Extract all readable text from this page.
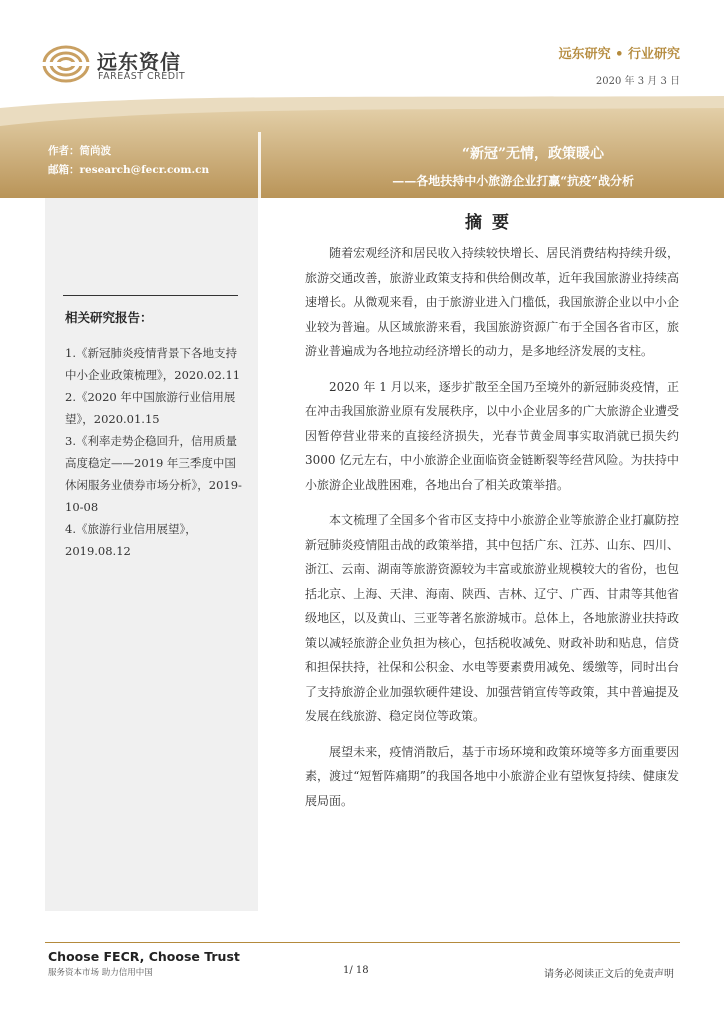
远东资信
FAREAST CREDIT
远东研究 • 行业研究
2020 年 3 月 3 日
作者：简尚波
邮箱：research@fecr.com.cn
“新冠”无情，政策暖心
——各地扶持中小旅游企业打赢“抗疫”战分析
相关研究报告：
1.《新冠肺炎疫情背景下各地支持中小企业政策梳理》，2020.02.11
2.《2020 年中国旅游行业信用展望》，2020.01.15
3.《利率走势企稳回升，信用质量高度稳定——2019 年三季度中国休闲服务业债券市场分析》，2019-10-08
4.《旅游行业信用展望》，2019.08.12
摘要

随着宏观经济和居民收入持续较快增长、居民消费结构持续升级，旅游交通改善，旅游业政策支持和供给侧改革，近年我国旅游业持续高速增长。从微观来看，由于旅游业进入门槛低，我国旅游企业以中小企业较为普遍。从区域旅游来看，我国旅游资源广布于全国各省市区，旅游业普遍成为各地拉动经济增长的动力，是多地经济发展的支柱。

2020 年 1 月以来，逐步扩散至全国乃至境外的新冠肺炎疫情，正在冲击我国旅游业原有发展秩序，以中小企业居多的广大旅游企业遭受因暂停营业带来的直接经济损失，光春节黄金周事实取消就已损失约 3000 亿元左右，中小旅游企业面临资金链断裂等经营风险。为扶持中小旅游企业战胜困难，各地出台了相关政策举措。

本文梳理了全国多个省市区支持中小旅游企业等旅游企业打赢防控新冠肺炎疫情阻击战的政策举措，其中包括广东、江苏、山东、四川、浙江、云南、湖南等旅游资源较为丰富或旅游业规模较大的省份，也包括北京、上海、天津、海南、陕西、吉林、辽宁、广西、甘肃等其他省级地区，以及黄山、三亚等著名旅游城市。总体上，各地旅游业扶持政策以减轻旅游企业负担为核心，包括税收减免、财政补助和贴息，信贷和担保扶持，社保和公积金、水电等要素费用减免、缓缴等，同时出台了支持旅游企业加强软硬件建设、加强营销宣传等政策，其中普遍提及发展在线旅游、稳定岗位等政策。

展望未来，疫情消散后，基于市场环境和政策环境等多方面重要因素，渡过“短暂阵痛期”的我国各地中小旅游企业有望恢复持续、健康发展局面。

Choose FECR, Choose Trust
服务资本市场 助力信用中国	1/ 18	请务必阅读正文后的免责声明
